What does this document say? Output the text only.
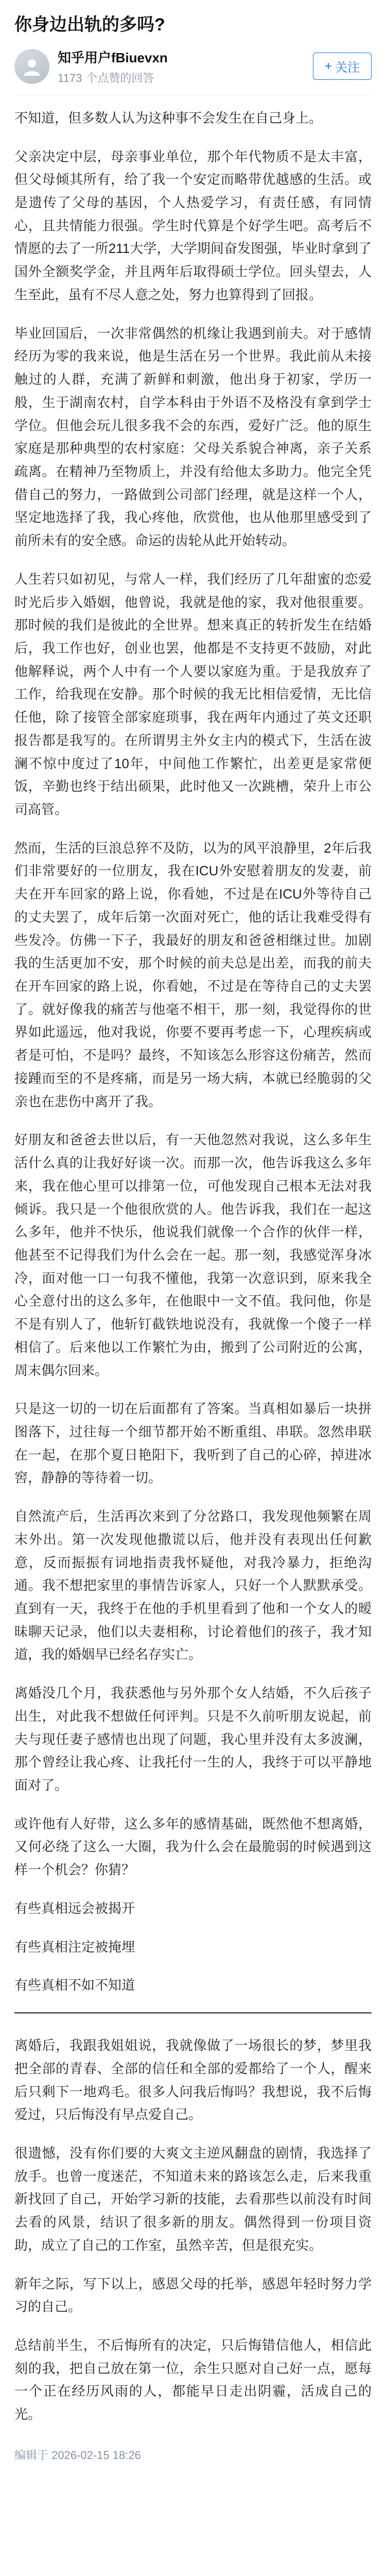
你身边出轨的多吗?
知乎用户fBiuevxn
1173 个点赞的回答
+ 关注

不知道，但多数人认为这种事不会发生在自己身上。

父亲决定中层，母亲事业单位，那个年代物质不是太丰富，但父母倾其所有，给了我一个安定而略带优越感的生活。或是遗传了父母的基因，个人热爱学习，有责任感，有同情心，且共情能力很强。学生时代算是个好学生吧。高考后不情愿的去了一所211大学，大学期间奋发图强，毕业时拿到了国外全额奖学金，并且两年后取得硕士学位。回头望去，人生至此，虽有不尽人意之处，努力也算得到了回报。

毕业回国后，一次非常偶然的机缘让我遇到前夫。对于感情经历为零的我来说，他是生活在另一个世界。我此前从未接触过的人群，充满了新鲜和刺激，他出身于初家，学历一般，生于湖南农村，自学本科由于外语不及格没有拿到学士学位。但他会玩儿很多我不会的东西，爱好广泛。他的原生家庭是那种典型的农村家庭：父母关系貌合神离，亲子关系疏离。在精神乃至物质上，并没有给他太多助力。他完全凭借自己的努力，一路做到公司部门经理，就是这样一个人，坚定地选择了我，我心疼他，欣赏他，也从他那里感受到了前所未有的安全感。命运的齿轮从此开始转动。

人生若只如初见，与常人一样，我们经历了几年甜蜜的恋爱时光后步入婚姻，他曾说，我就是他的家，我对他很重要。那时候的我们是彼此的全世界。想来真正的转折发生在结婚后，我工作也好，创业也罢，他都是不支持更不鼓励，对此他解释说，两个人中有一个人要以家庭为重。于是我放弃了工作，给我现在安静。那个时候的我无比相信爱情，无比信任他，除了接管全部家庭琐事，我在两年内通过了英文还职报告都是我写的。在所谓男主外女主内的模式下，生活在波澜不惊中度过了10年，中间他工作繁忙，出差更是家常便饭，辛勤也终于结出硕果，此时他又一次跳槽，荣升上市公司高管。

然而，生活的巨浪总猝不及防，以为的风平浪静里，2年后我们非常要好的一位朋友，我在ICU外安慰着朋友的发妻，前夫在开车回家的路上说，你看她，不过是在ICU外等待自己的丈夫罢了，成年后第一次面对死亡，他的话让我难受得有些发冷。仿佛一下子，我最好的朋友和爸爸相继过世。加剧我的生活更加不安，那个时候的前夫总是出差，而我的前夫在开车回家的路上说，你看她，不过是在等待自己的丈夫罢了。就好像我的痛苦与他毫不相干，那一刻，我觉得你的世界如此遥远，他对我说，你要不要再考虑一下，心理疾病或者是可怕，不是吗？最终，不知该怎么形容这份痛苦，然而接踵而至的不是疼痛，而是另一场大病，本就已经脆弱的父亲也在悲伤中离开了我。

好朋友和爸爸去世以后，有一天他忽然对我说，这么多年生活什么真的让我好好谈一次。而那一次，他告诉我这么多年来，我在他心里可以排第一位，可他发现自己根本无法对我倾诉。我只是一个他很欣赏的人。他告诉我，我们在一起这么多年，他并不快乐，他说我们就像一个合作的伙伴一样，他甚至不记得我们为什么会在一起。那一刻，我感觉浑身冰冷，面对他一口一句我不懂他，我第一次意识到，原来我全心全意付出的这么多年，在他眼中一文不值。我问他，你是不是有别人了，他斩钉截铁地说没有，我就像一个傻子一样相信了。后来他以工作繁忙为由，搬到了公司附近的公寓，周末偶尔回来。

只是这一切的一切在后面都有了答案。当真相如暴后一块拼图落下，过往每一个细节都开始不断重组、串联。忽然串联在一起，在那个夏日艳阳下，我听到了自己的心碎，掉进冰窖，静静的等待着一切。

自然流产后，生活再次来到了分岔路口，我发现他频繁在周末外出。第一次发现他撒谎以后，他并没有表现出任何歉意，反而振振有词地指责我怀疑他，对我冷暴力，拒绝沟通。我不想把家里的事情告诉家人，只好一个人默默承受。直到有一天，我终于在他的手机里看到了他和一个女人的暧昧聊天记录，他们以夫妻相称，讨论着他们的孩子，我才知道，我的婚姻早已经名存实亡。

离婚没几个月，我获悉他与另外那个女人结婚，不久后孩子出生，对此我不想做任何评判。只是不久前听朋友说起，前夫与现任妻子感情也出现了问题，我心里并没有太多波澜，那个曾经让我心疼、让我托付一生的人，我终于可以平静地面对了。

或许他有人好带，这么多年的感情基础，既然他不想离婚，又何必绕了这么一大圈，我为什么会在最脆弱的时候遇到这样一个机会？你猜？

有些真相远会被揭开

有些真相注定被掩埋

有些真相不如不知道

离婚后，我跟我姐姐说，我就像做了一场很长的梦，梦里我把全部的青春、全部的信任和全部的爱都给了一个人，醒来后只剩下一地鸡毛。很多人问我后悔吗？我想说，我不后悔爱过，只后悔没有早点爱自己。

很遗憾，没有你们要的大爽文主逆风翻盘的剧情，我选择了放手。也曾一度迷茫，不知道未来的路该怎么走，后来我重新找回了自己，开始学习新的技能，去看那些以前没有时间去看的风景，结识了很多新的朋友。偶然得到一份项目资助，成立了自己的工作室，虽然辛苦，但是很充实。

新年之际，写下以上，感恩父母的托举，感恩年轻时努力学习的自己。

总结前半生，不后悔所有的决定，只后悔错信他人，相信此刻的我，把自己放在第一位，余生只愿对自己好一点，愿每一个正在经历风雨的人，都能早日走出阴霾，活成自己的光。

编辑于 2026-02-15 18:26
